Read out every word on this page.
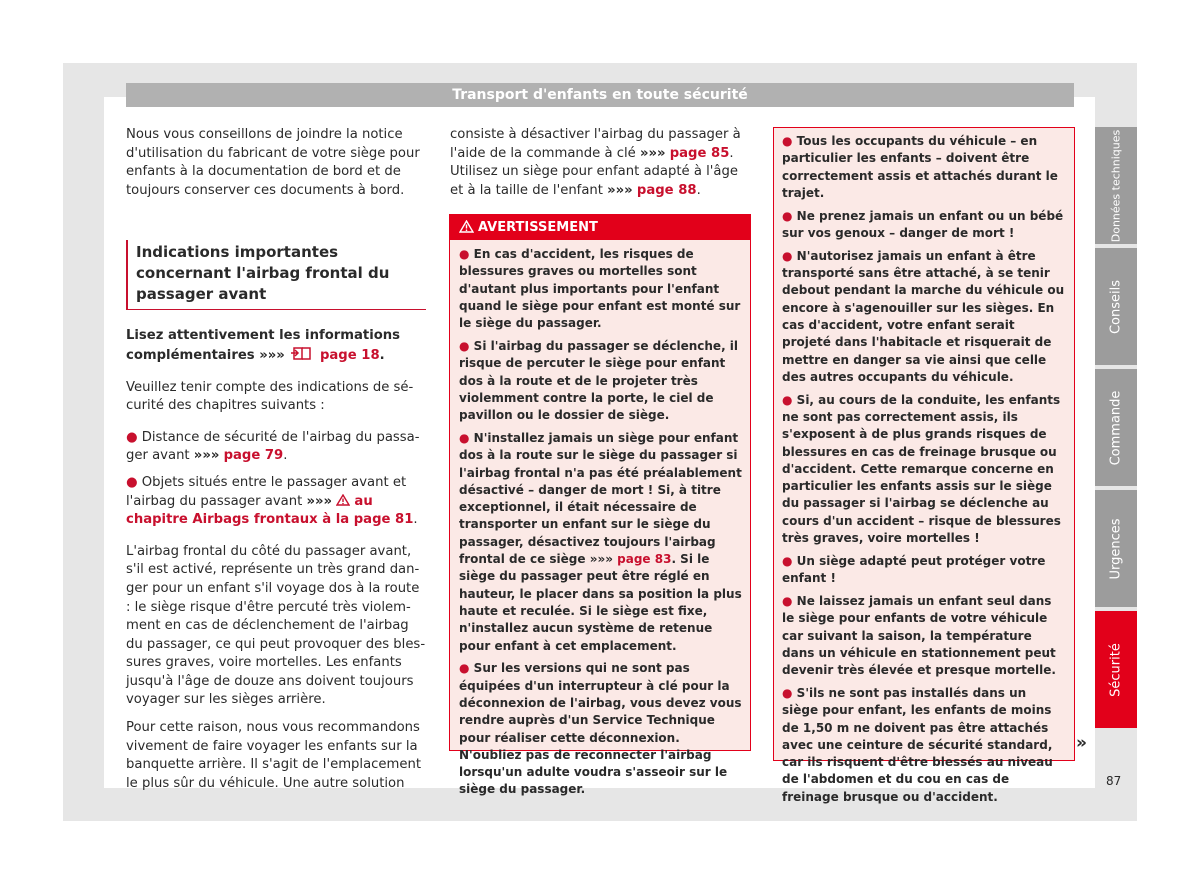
Transport d'enfants en toute sécurité

Nous vous conseillons de joindre la notice d'utilisation du fabricant de votre siège pour enfants à la documentation de bord et de toujours conserver ces documents à bord.

Indications importantes concernant l'airbag frontal du passager avant

Lisez attentivement les informations complémentaires »»»	page 18.

Veuillez tenir compte des indications de sécurité des chapitres suivants :

● Distance de sécurité de l'airbag du passager avant »»» page 79.

● Objets situés entre le passager avant et l'airbag du passager avant »»» au chapitre Airbags frontaux à la page 81.

L'airbag frontal du côté du passager avant, s'il est activé, représente un très grand danger pour un enfant s'il voyage dos à la route : le siège risque d'être percuté très violemment en cas de déclenchement de l'airbag du passager, ce qui peut provoquer des blessures graves, voire mortelles. Les enfants jusqu'à l'âge de douze ans doivent toujours voyager sur les sièges arrière.

Pour cette raison, nous vous recommandons vivement de faire voyager les enfants sur la banquette arrière. Il s'agit de l'emplacement le plus sûr du véhicule. Une autre solution

consiste à désactiver l'airbag du passager à l'aide de la commande à clé »»» page 85. Utilisez un siège pour enfant adapté à l'âge et à la taille de l'enfant »»» page 88.

AVERTISSEMENT

● En cas d'accident, les risques de blessures graves ou mortelles sont d'autant plus importants pour l'enfant quand le siège pour enfant est monté sur le siège du passager.

● Si l'airbag du passager se déclenche, il risque de percuter le siège pour enfant dos à la route et de le projeter très violemment contre la porte, le ciel de pavillon ou le dossier de siège.

● N'installez jamais un siège pour enfant dos à la route sur le siège du passager si l'airbag frontal n'a pas été préalablement désactivé – danger de mort ! Si, à titre exceptionnel, il était nécessaire de transporter un enfant sur le siège du passager, désactivez toujours l'airbag frontal de ce siège »»» page 83. Si le siège du passager peut être réglé en hauteur, le placer dans sa position la plus haute et reculée. Si le siège est fixe, n'installez aucun système de retenue pour enfant à cet emplacement.

● Sur les versions qui ne sont pas équipées d'un interrupteur à clé pour la déconnexion de l'airbag, vous devez vous rendre auprès d'un Service Technique pour réaliser cette déconnexion. N'oubliez pas de reconnecter l'airbag lorsqu'un adulte voudra s'asseoir sur le siège du passager.

● Tous les occupants du véhicule – en particulier les enfants – doivent être correctement assis et attachés durant le trajet.

● Ne prenez jamais un enfant ou un bébé sur vos genoux – danger de mort !

● N'autorisez jamais un enfant à être transporté sans être attaché, à se tenir debout pendant la marche du véhicule ou encore à s'agenouiller sur les sièges. En cas d'accident, votre enfant serait projeté dans l'habitacle et risquerait de mettre en danger sa vie ainsi que celle des autres occupants du véhicule.

● Si, au cours de la conduite, les enfants ne sont pas correctement assis, ils s'exposent à de plus grands risques de blessures en cas de freinage brusque ou d'accident. Cette remarque concerne en particulier les enfants assis sur le siège du passager si l'airbag se déclenche au cours d'un accident – risque de blessures très graves, voire mortelles !

● Un siège adapté peut protéger votre enfant !

● Ne laissez jamais un enfant seul dans le siège pour enfants de votre véhicule car suivant la saison, la température dans un véhicule en stationnement peut devenir très élevée et presque mortelle.

● S'ils ne sont pas installés dans un siège pour enfant, les enfants de moins de 1,50 m ne doivent pas être attachés avec une ceinture de sécurité standard, car ils risquent d'être blessés au niveau de l'abdomen et du cou en cas de freinage brusque ou d'accident.

»
Données techniques
Conseils
Commande
Urgences
Sécurité
87
